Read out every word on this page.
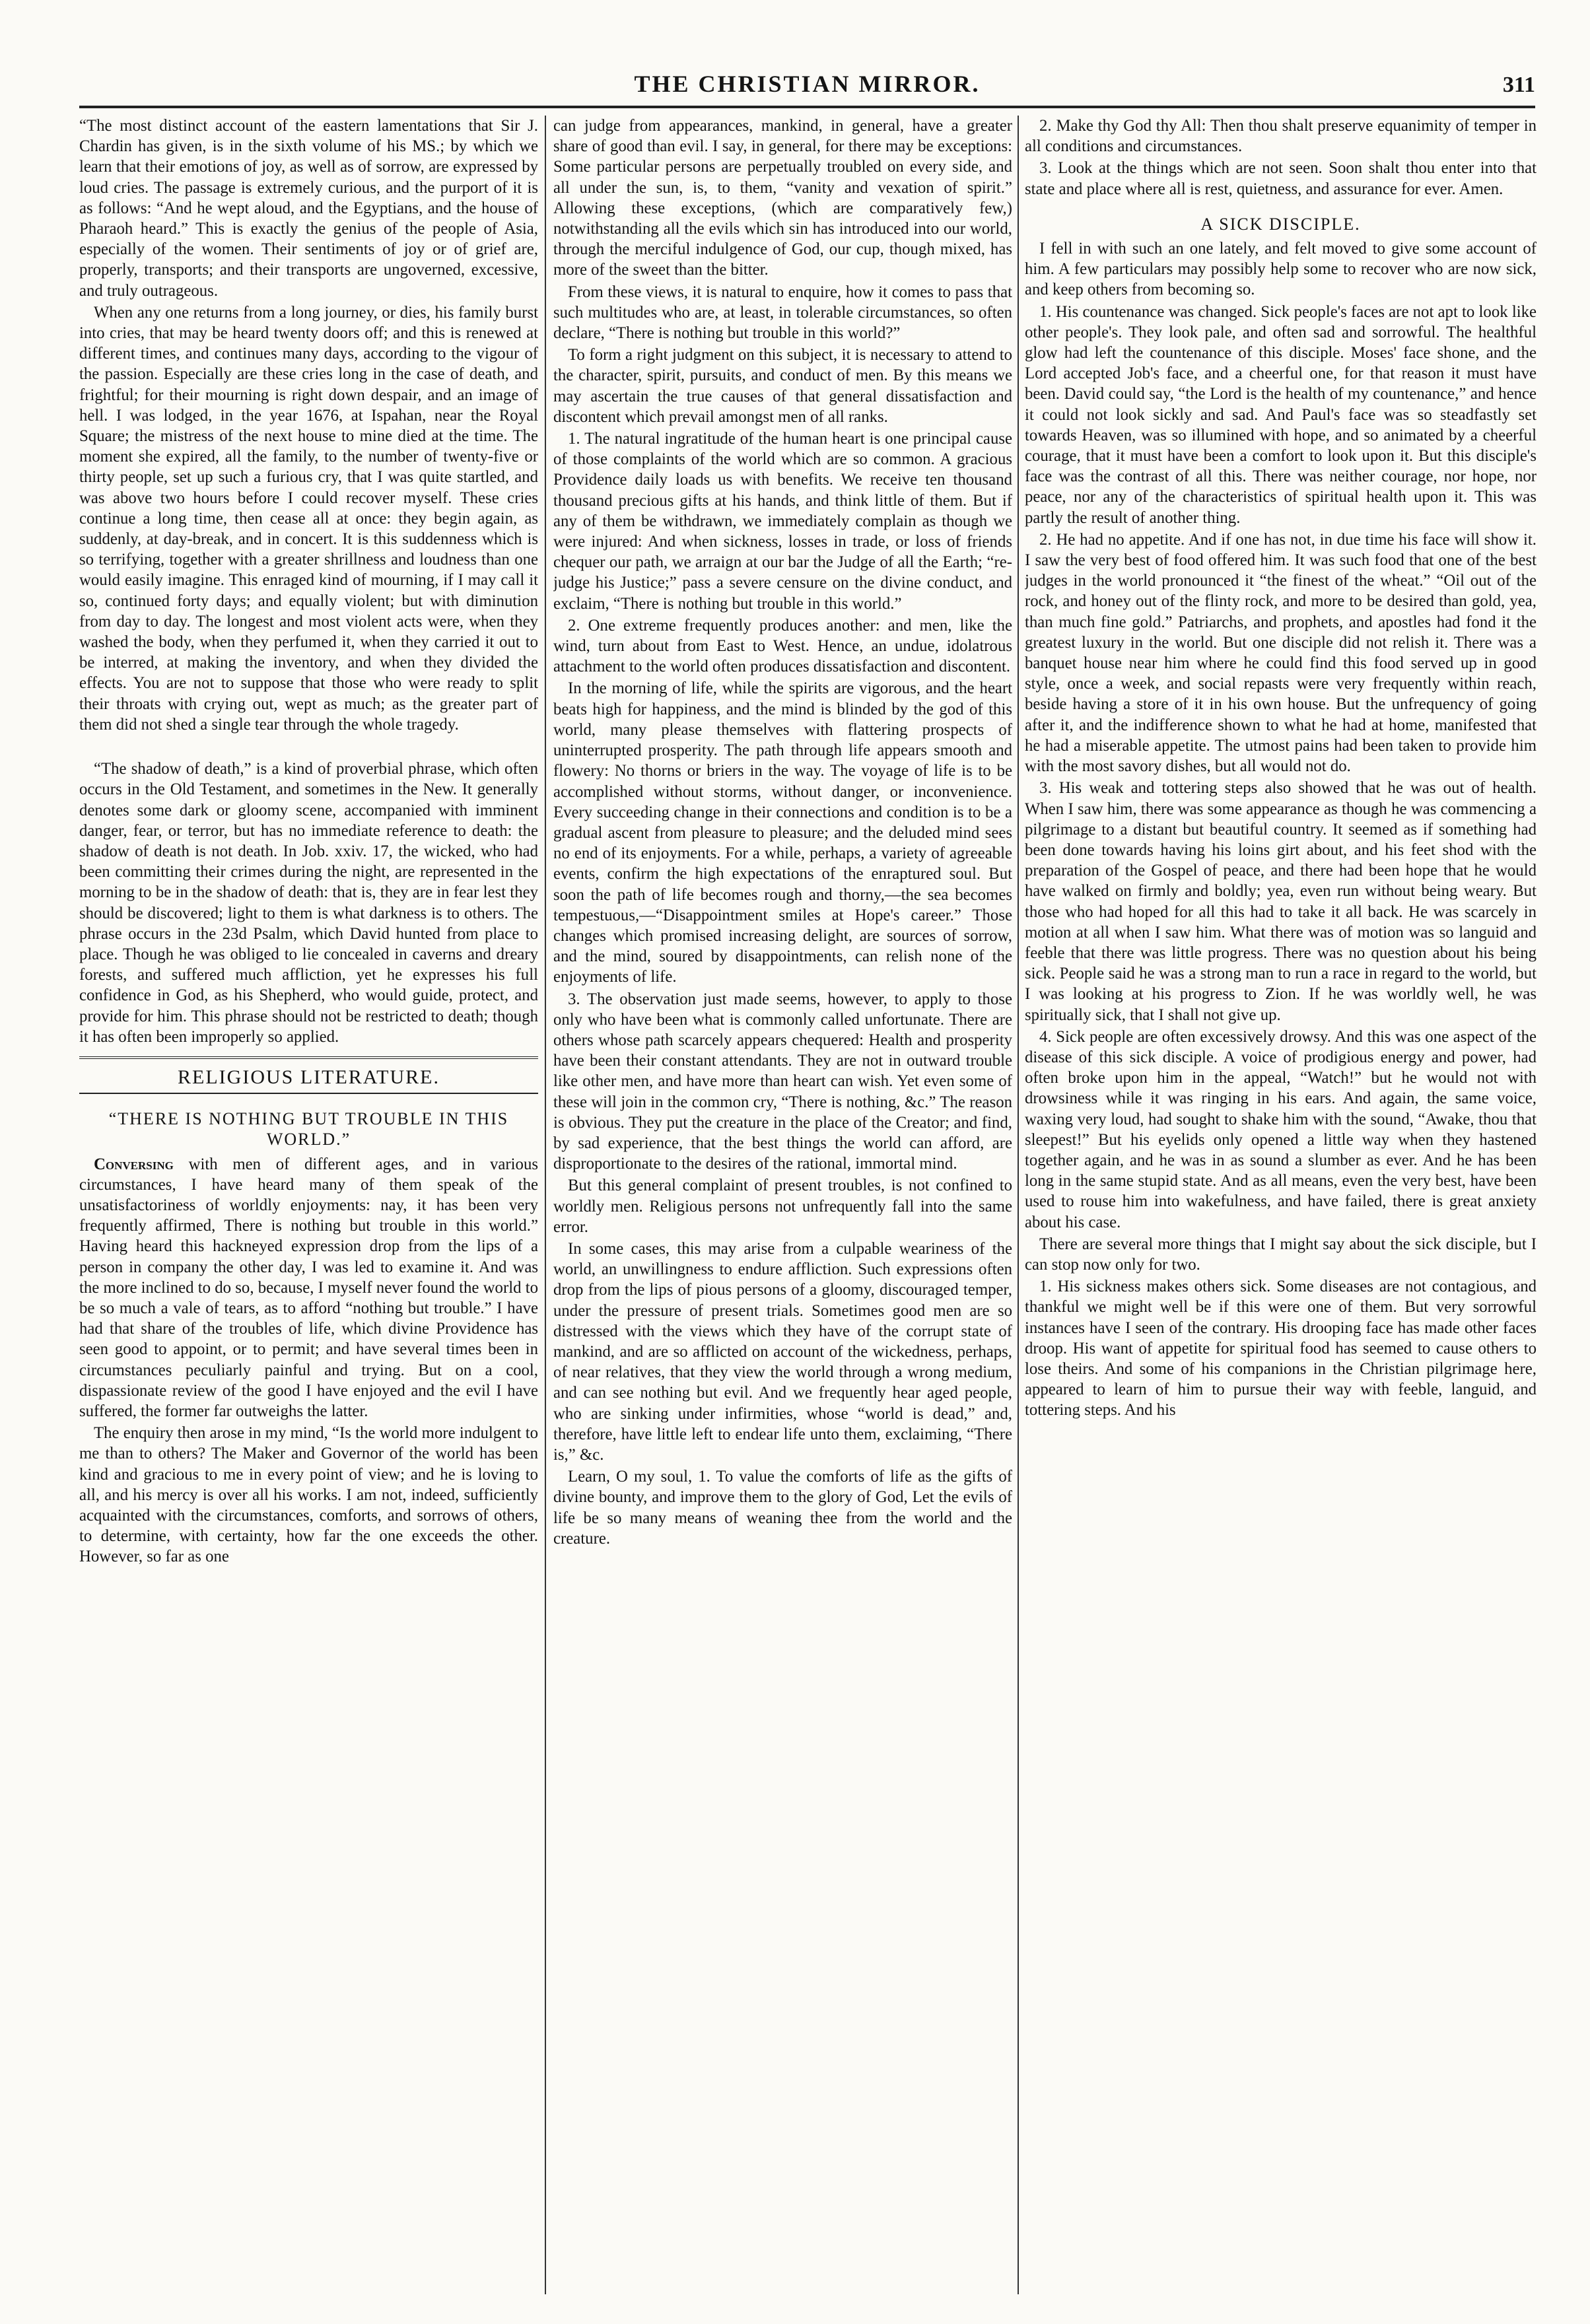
THE CHRISTIAN MIRROR.	311

“The most distinct account of the eastern lamentations that Sir J. Chardin has given, is in the sixth volume of his MS.; by which we learn that their emotions of joy, as well as of sorrow, are expressed by loud cries. The passage is extremely curious, and the purport of it is as follows: “And he wept aloud, and the Egyptians, and the house of Pharaoh heard.” This is exactly the genius of the people of Asia, especially of the women. Their sentiments of joy or of grief are, properly, transports; and their transports are ungoverned, excessive, and truly outrageous.

When any one returns from a long journey, or dies, his family burst into cries, that may be heard twenty doors off; and this is renewed at different times, and continues many days, according to the vigour of the passion. Especially are these cries long in the case of death, and frightful; for their mourning is right down despair, and an image of hell. I was lodged, in the year 1676, at Ispahan, near the Royal Square; the mistress of the next house to mine died at the time. The moment she expired, all the family, to the number of twenty-five or thirty people, set up such a furious cry, that I was quite startled, and was above two hours before I could recover myself. These cries continue a long time, then cease all at once: they begin again, as suddenly, at day-break, and in concert. It is this suddenness which is so terrifying, together with a greater shrillness and loudness than one would easily imagine. This enraged kind of mourning, if I may call it so, continued forty days; and equally violent; but with diminution from day to day. The longest and most violent acts were, when they washed the body, when they perfumed it, when they carried it out to be interred, at making the inventory, and when they divided the effects. You are not to suppose that those who were ready to split their throats with crying out, wept as much; as the greater part of them did not shed a single tear through the whole tragedy.

“The shadow of death,” is a kind of proverbial phrase, which often occurs in the Old Testament, and sometimes in the New. It generally denotes some dark or gloomy scene, accompanied with imminent danger, fear, or terror, but has no immediate reference to death: the shadow of death is not death. In Job. xxiv. 17, the wicked, who had been committing their crimes during the night, are represented in the morning to be in the shadow of death: that is, they are in fear lest they should be discovered; light to them is what darkness is to others. The phrase occurs in the 23d Psalm, which David hunted from place to place. Though he was obliged to lie concealed in caverns and dreary forests, and suffered much affliction, yet he expresses his full confidence in God, as his Shepherd, who would guide, protect, and provide for him. This phrase should not be restricted to death; though it has often been improperly so applied.

RELIGIOUS LITERATURE.
“THERE IS NOTHING BUT TROUBLE IN THIS WORLD.”

Conversing with men of different ages, and in various circumstances, I have heard many of them speak of the unsatisfactoriness of worldly enjoyments: nay, it has been very frequently affirmed, There is nothing but trouble in this world.” Having heard this hackneyed expression drop from the lips of a person in company the other day, I was led to examine it. And was the more inclined to do so, because, I myself never found the world to be so much a vale of tears, as to afford “nothing but trouble.” I have had that share of the troubles of life, which divine Providence has seen good to appoint, or to permit; and have several times been in circumstances peculiarly painful and trying. But on a cool, dispassionate review of the good I have enjoyed and the evil I have suffered, the former far outweighs the latter.

The enquiry then arose in my mind, “Is the world more indulgent to me than to others? The Maker and Governor of the world has been kind and gracious to me in every point of view; and he is loving to all, and his mercy is over all his works. I am not, indeed, sufficiently acquainted with the circumstances, comforts, and sorrows of others, to determine, with certainty, how far the one exceeds the other. However, so far as one

can judge from appearances, mankind, in general, have a greater share of good than evil. I say, in general, for there may be exceptions: Some particular persons are perpetually troubled on every side, and all under the sun, is, to them, “vanity and vexation of spirit.” Allowing these exceptions, (which are comparatively few,) notwithstanding all the evils which sin has introduced into our world, through the merciful indulgence of God, our cup, though mixed, has more of the sweet than the bitter.

From these views, it is natural to enquire, how it comes to pass that such multitudes who are, at least, in tolerable circumstances, so often declare, “There is nothing but trouble in this world?”

To form a right judgment on this subject, it is necessary to attend to the character, spirit, pursuits, and conduct of men. By this means we may ascertain the true causes of that general dissatisfaction and discontent which prevail amongst men of all ranks.

1. The natural ingratitude of the human heart is one principal cause of those complaints of the world which are so common. A gracious Providence daily loads us with benefits. We receive ten thousand thousand precious gifts at his hands, and think little of them. But if any of them be withdrawn, we immediately complain as though we were injured: And when sickness, losses in trade, or loss of friends chequer our path, we arraign at our bar the Judge of all the Earth; “re-judge his Justice;” pass a severe censure on the divine conduct, and exclaim, “There is nothing but trouble in this world.”

2. One extreme frequently produces another: and men, like the wind, turn about from East to West. Hence, an undue, idolatrous attachment to the world often produces dissatisfaction and discontent.

In the morning of life, while the spirits are vigorous, and the heart beats high for happiness, and the mind is blinded by the god of this world, many please themselves with flattering prospects of uninterrupted prosperity. The path through life appears smooth and flowery: No thorns or briers in the way. The voyage of life is to be accomplished without storms, without danger, or inconvenience. Every succeeding change in their connections and condition is to be a gradual ascent from pleasure to pleasure; and the deluded mind sees no end of its enjoyments. For a while, perhaps, a variety of agreeable events, confirm the high expectations of the enraptured soul. But soon the path of life becomes rough and thorny,—the sea becomes tempestuous,—“Disappointment smiles at Hope's career.” Those changes which promised increasing delight, are sources of sorrow, and the mind, soured by disappointments, can relish none of the enjoyments of life.

3. The observation just made seems, however, to apply to those only who have been what is commonly called unfortunate. There are others whose path scarcely appears chequered: Health and prosperity have been their constant attendants. They are not in outward trouble like other men, and have more than heart can wish. Yet even some of these will join in the common cry, “There is nothing, &c.” The reason is obvious. They put the creature in the place of the Creator; and find, by sad experience, that the best things the world can afford, are disproportionate to the desires of the rational, immortal mind.

But this general complaint of present troubles, is not confined to worldly men. Religious persons not unfrequently fall into the same error.

In some cases, this may arise from a culpable weariness of the world, an unwillingness to endure affliction. Such expressions often drop from the lips of pious persons of a gloomy, discouraged temper, under the pressure of present trials. Sometimes good men are so distressed with the views which they have of the corrupt state of mankind, and are so afflicted on account of the wickedness, perhaps, of near relatives, that they view the world through a wrong medium, and can see nothing but evil. And we frequently hear aged people, who are sinking under infirmities, whose “world is dead,” and, therefore, have little left to endear life unto them, exclaiming, “There is,” &c.

Learn, O my soul, 1. To value the comforts of life as the gifts of divine bounty, and improve them to the glory of God, Let the evils of life be so many means of weaning thee from the world and the creature.

2. Make thy God thy All: Then thou shalt preserve equanimity of temper in all conditions and circumstances.

3. Look at the things which are not seen. Soon shalt thou enter into that state and place where all is rest, quietness, and assurance for ever. Amen.

A SICK DISCIPLE.

I fell in with such an one lately, and felt moved to give some account of him. A few particulars may possibly help some to recover who are now sick, and keep others from becoming so.

1. His countenance was changed. Sick people's faces are not apt to look like other people's. They look pale, and often sad and sorrowful. The healthful glow had left the countenance of this disciple. Moses' face shone, and the Lord accepted Job's face, and a cheerful one, for that reason it must have been. David could say, “the Lord is the health of my countenance,” and hence it could not look sickly and sad. And Paul's face was so steadfastly set towards Heaven, was so illumined with hope, and so animated by a cheerful courage, that it must have been a comfort to look upon it. But this disciple's face was the contrast of all this. There was neither courage, nor hope, nor peace, nor any of the characteristics of spiritual health upon it. This was partly the result of another thing.

2. He had no appetite. And if one has not, in due time his face will show it. I saw the very best of food offered him. It was such food that one of the best judges in the world pronounced it “the finest of the wheat.” “Oil out of the rock, and honey out of the flinty rock, and more to be desired than gold, yea, than much fine gold.” Patriarchs, and prophets, and apostles had fond it the greatest luxury in the world. But one disciple did not relish it. There was a banquet house near him where he could find this food served up in good style, once a week, and social repasts were very frequently within reach, beside having a store of it in his own house. But the unfrequency of going after it, and the indifference shown to what he had at home, manifested that he had a miserable appetite. The utmost pains had been taken to provide him with the most savory dishes, but all would not do.

3. His weak and tottering steps also showed that he was out of health. When I saw him, there was some appearance as though he was commencing a pilgrimage to a distant but beautiful country. It seemed as if something had been done towards having his loins girt about, and his feet shod with the preparation of the Gospel of peace, and there had been hope that he would have walked on firmly and boldly; yea, even run without being weary. But those who had hoped for all this had to take it all back. He was scarcely in motion at all when I saw him. What there was of motion was so languid and feeble that there was little progress. There was no question about his being sick. People said he was a strong man to run a race in regard to the world, but I was looking at his progress to Zion. If he was worldly well, he was spiritually sick, that I shall not give up.

4. Sick people are often excessively drowsy. And this was one aspect of the disease of this sick disciple. A voice of prodigious energy and power, had often broke upon him in the appeal, “Watch!” but he would not with drowsiness while it was ringing in his ears. And again, the same voice, waxing very loud, had sought to shake him with the sound, “Awake, thou that sleepest!” But his eyelids only opened a little way when they hastened together again, and he was in as sound a slumber as ever. And he has been long in the same stupid state. And as all means, even the very best, have been used to rouse him into wakefulness, and have failed, there is great anxiety about his case.

There are several more things that I might say about the sick disciple, but I can stop now only for two.

1. His sickness makes others sick. Some diseases are not contagious, and thankful we might well be if this were one of them. But very sorrowful instances have I seen of the contrary. His drooping face has made other faces droop. His want of appetite for spiritual food has seemed to cause others to lose theirs. And some of his companions in the Christian pilgrimage here, appeared to learn of him to pursue their way with feeble, languid, and tottering steps. And his
